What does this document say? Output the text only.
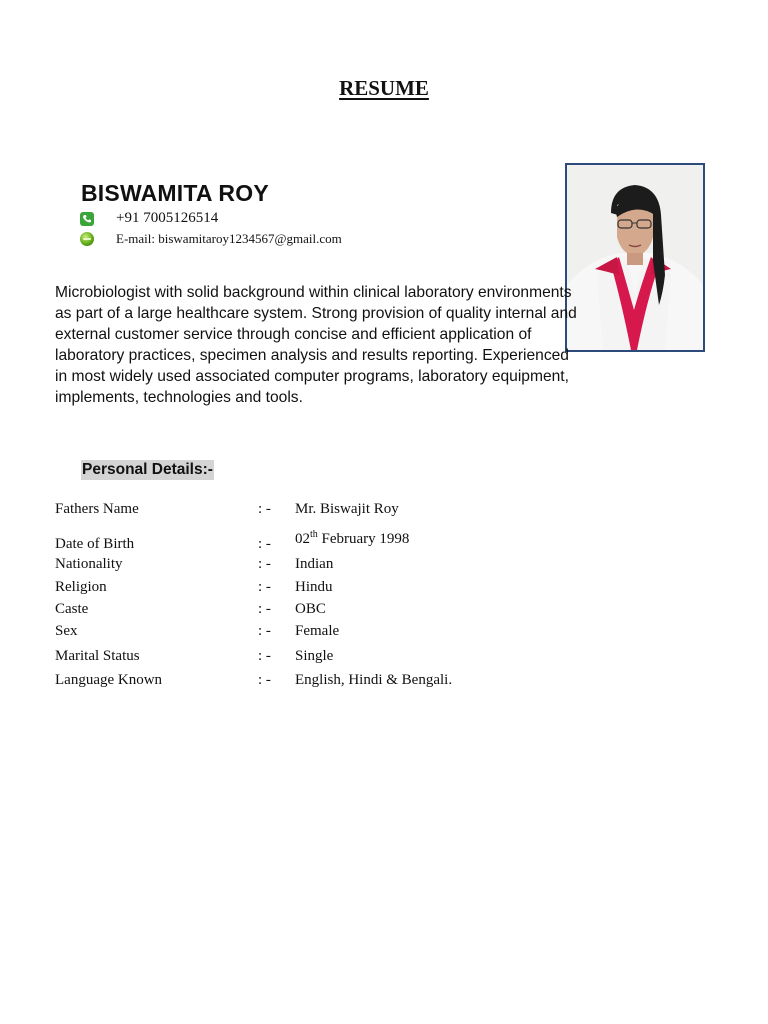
RESUME
BISWAMITA ROY
+91 7005126514
E-mail: biswamitaroy1234567@gmail.com
Microbiologist with solid background within clinical laboratory environments as part of a large healthcare system. Strong provision of quality internal and external customer service through concise and efficient application of laboratory practices, specimen analysis and results reporting. Experienced in most widely used associated computer programs, laboratory equipment, implements, technologies and tools.
Personal Details:-
Fathers Name	: - Mr. Biswajit Roy
Date of Birth	: - 02th February 1998
Nationality	: - Indian
Religion	: - Hindu
Caste	: - OBC
Sex	: - Female
Marital Status	: - Single
Language Known	: - English, Hindi & Bengali.
